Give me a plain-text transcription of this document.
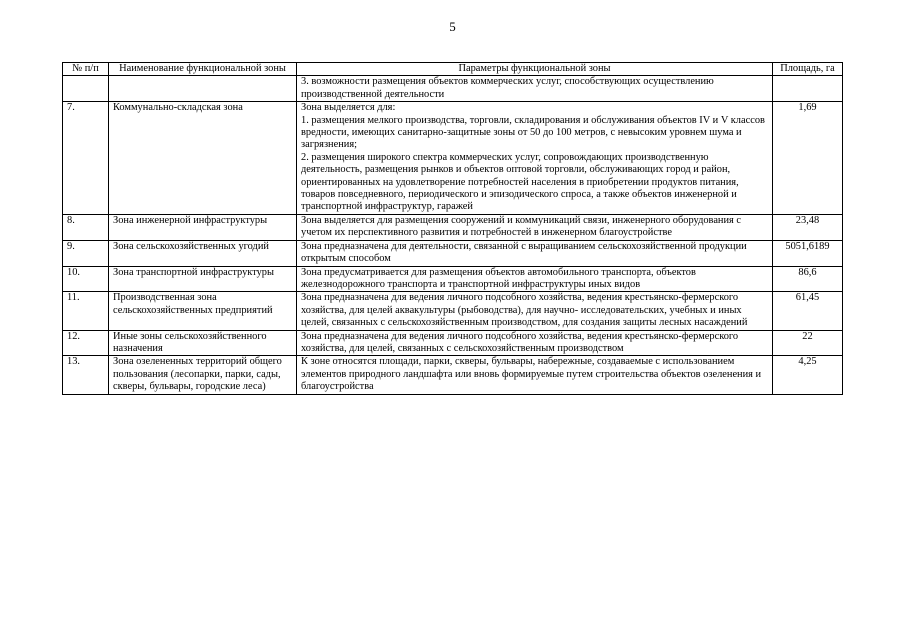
5
№ п/п	Наименование функциональной зоны	Параметры функциональной зоны	Площадь, га

		3. возможности размещения объектов коммерческих услуг, способствующих осуществлению производственной деятельности	

7.	Коммунально-складская зона	Зона выделяется для:
1. размещения мелкого производства, торговли, складирования и обслуживания объектов IV и V классов вредности, имеющих санитарно-защитные зоны от 50 до 100 метров, с невысоким уровнем шума и загрязнения;
2. размещения широкого спектра коммерческих услуг, сопровождающих производственную деятельность, размещения рынков и объектов оптовой торговли, обслуживающих город и район, ориентированных на удовлетворение потребностей населения в приобретении продуктов питания, товаров повседневного, периодического и эпизодического спроса, а также объектов инженерной и транспортной инфраструктур, гаражей	1,69
8.	Зона инженерной инфраструктуры	Зона выделяется для размещения сооружений и коммуникаций связи, инженерного оборудования с учетом их перспективного развития и потребностей в инженерном благоустройстве	23,48
9.	Зона сельскохозяйственных угодий	Зона предназначена для деятельности, связанной с выращиванием сельскохозяйственной продукции открытым способом	5051,6189
10.	Зона транспортной инфраструктуры	Зона предусматривается для размещения объектов автомобильного транспорта, объектов железнодорожного транспорта и транспортной инфраструктуры иных видов	86,6
11.	Производственная зона сельскохозяйственных предприятий	Зона предназначена для ведения личного подсобного хозяйства, ведения крестьянско-фермерского хозяйства, для целей аквакультуры (рыбоводства), для научно- исследовательских, учебных и иных целей, связанных с сельскохозяйственным производством, для создания защиты лесных насаждений	61,45
12.	Иные зоны сельскохозяйственного назначения	Зона предназначена для ведения личного подсобного хозяйства, ведения крестьянско-фермерского хозяйства, для целей, связанных с сельскохозяйственным производством	22
13.	Зона озелененных территорий общего пользования (лесопарки, парки, сады, скверы, бульвары, городские леса)	К зоне относятся площади, парки, скверы, бульвары, набережные, создаваемые с использованием элементов природного ландшафта или вновь формируемые путем строительства объектов озеленения и благоустройства	4,25
